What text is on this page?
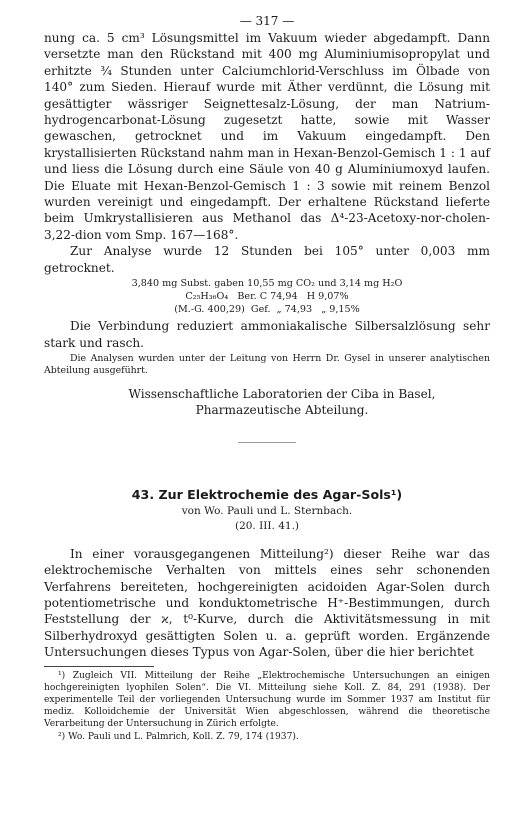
— 317 —

nung ca. 5 cm³ Lösungsmittel im Vakuum wieder abgedampft. Dann versetzte man den Rückstand mit 400 mg Aluminiumisopropylat und erhitzte ¾ Stunden unter Calciumchlorid-Verschluss im Ölbade von 140° zum Sieden. Hierauf wurde mit Äther verdünnt, die Lösung mit gesättigter wässriger Seignettesalz-Lösung, der man Natrium-hydrogencarbonat-Lösung zugesetzt hatte, sowie mit Wasser gewaschen, getrocknet und im Vakuum eingedampft. Den krystallisierten Rückstand nahm man in Hexan-Benzol-Gemisch 1 : 1 auf und liess die Lösung durch eine Säule von 40 g Aluminiumoxyd laufen. Die Eluate mit Hexan-Benzol-Gemisch 1 : 3 sowie mit reinem Benzol wurden vereinigt und eingedampft. Der erhaltene Rückstand lieferte beim Umkrystallisieren aus Methanol das Δ⁴-23-Acetoxy-nor-cholen-3,22-dion vom Smp. 167—168°.

Zur Analyse wurde 12 Stunden bei 105° unter 0,003 mm getrocknet.

3,840 mg Subst. gaben 10,55 mg CO₂ und 3,14 mg H₂O
C₂₅H₃₆O₄ Ber. C 74,94   H 9,07%
(M.-G. 400,29) Gef.  „ 74,93   „ 9,15%

Die Verbindung reduziert ammoniakalische Silbersalzlösung sehr stark und rasch.

Die Analysen wurden unter der Leitung von Herrn Dr. Gysel in unserer analytischen Abteilung ausgeführt.

Wissenschaftliche Laboratorien der Ciba in Basel,
Pharmazeutische Abteilung.
43. Zur Elektrochemie des Agar-Sols¹)
von Wo. Pauli und L. Sternbach.
(20. III. 41.)

In einer vorausgegangenen Mitteilung²) dieser Reihe war das elektrochemische Verhalten von mittels eines sehr schonenden Verfahrens bereiteten, hochgereinigten acidoiden Agar-Solen durch potentiometrische und konduktometrische H⁺-Bestimmungen, durch Feststellung der ϰ, t⁰-Kurve, durch die Aktivitätsmessung in mit Silberhydroxyd gesättigten Solen u. a. geprüft worden. Ergänzende Untersuchungen dieses Typus von Agar-Solen, über die hier berichtet

¹) Zugleich VII. Mitteilung der Reihe „Elektrochemische Untersuchungen an einigen hochgereinigten lyophilen Solen“. Die VI. Mitteilung siehe Koll. Z. 84, 291 (1938). Der experimentelle Teil der vorliegenden Untersuchung wurde im Sommer 1937 am Institut für mediz. Kolloidchemie der Universität Wien abgeschlossen, während die theoretische Verarbeitung der Untersuchung in Zürich erfolgte.

²) Wo. Pauli und L. Palmrich, Koll. Z. 79, 174 (1937).
